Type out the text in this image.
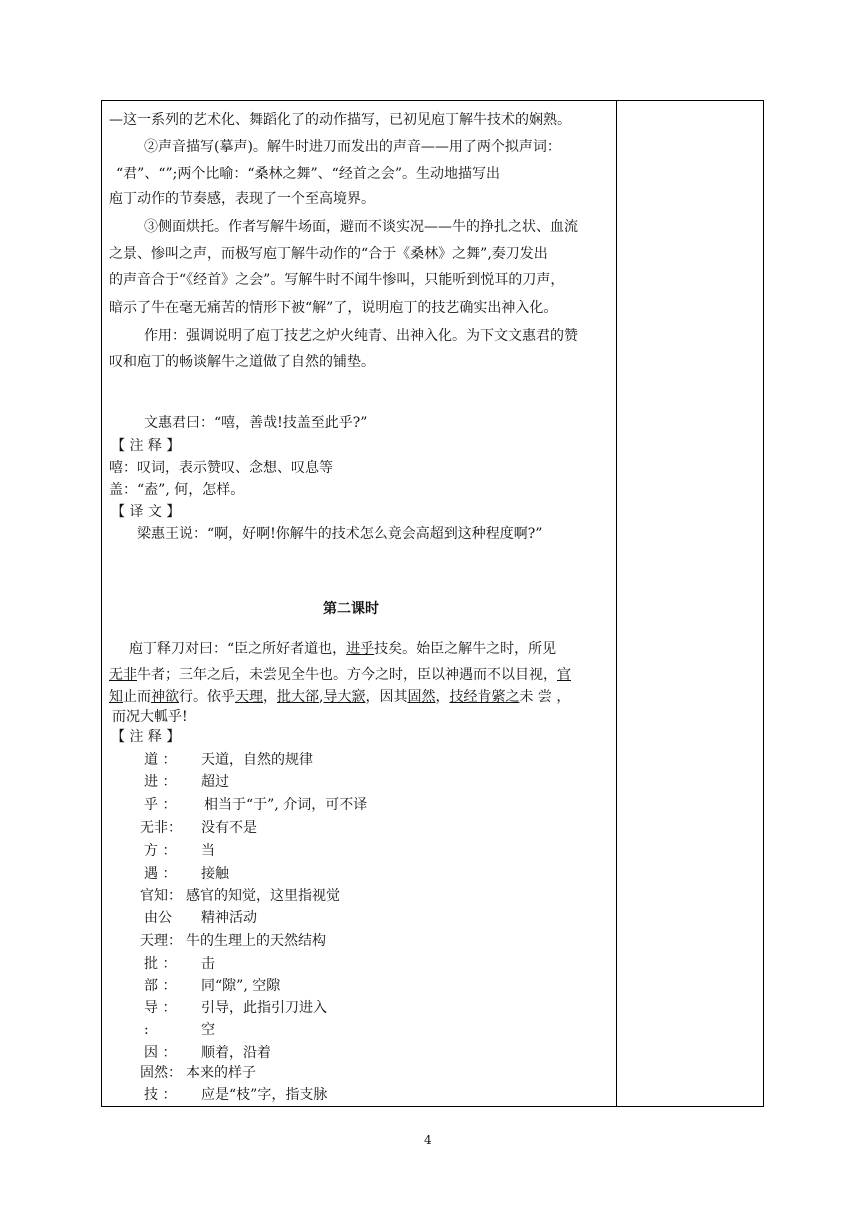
—这一系列的艺术化、舞蹈化了的动作描写，已初见庖丁解牛技术的娴熟。
②声音描写(摹声)。解牛时进刀而发出的声音——用了两个拟声词：
“君”、“”;两个比喻：“桑林之舞”、“经首之会”。生动地描写出
庖丁动作的节奏感，表现了一个至高境界。
③侧面烘托。作者写解牛场面，避而不谈实况——牛的挣扎之状、血流
之景、惨叫之声，而极写庖丁解牛动作的“合于《桑林》之舞”,奏刀发出
的声音合于“《经首》之会”。写解牛时不闻牛惨叫，只能听到悦耳的刀声，
暗示了牛在毫无痛苦的情形下被“解”了，说明庖丁的技艺确实出神入化。
作用：强调说明了庖丁技艺之炉火纯青、出神入化。为下文文惠君的赞
叹和庖丁的畅谈解牛之道做了自然的铺垫。
文惠君曰：“嘻，善哉!技盖至此乎?”
【 注 释 】
嘻：叹词，表示赞叹、念想、叹息等
盖：“盍”, 何，怎样。
【 译 文 】
梁惠王说：“啊，好啊!你解牛的技术怎么竟会高超到这种程度啊?”
第二课时
庖丁释刀对曰：“臣之所好者道也，进乎技矣。始臣之解牛之时，所见
无非牛者；三年之后，未尝见全牛也。方今之时，臣以神遇而不以目视，官
知止而神欲行。依乎天理，批大郤,导大窾，因其固然，技经肯綮之未 尝 ，
而况大軱乎!
【 注 释 】
道 ： 天道，自然的规律
进 ： 超过
乎 ： 相当于“于”, 介词，可不译
无非： 没有不是
方 ： 当
遇 ： 接触
官知： 感官的知觉，这里指视觉
由公 精神活动
天理： 牛的生理上的天然结构
批 ： 击
部 ： 同“隙”, 空隙
导 ： 引导，此指引刀进入
:	空
因 ： 顺着，沿着
固然： 本来的样子
技 ： 应是“枝”字，指支脉
4
